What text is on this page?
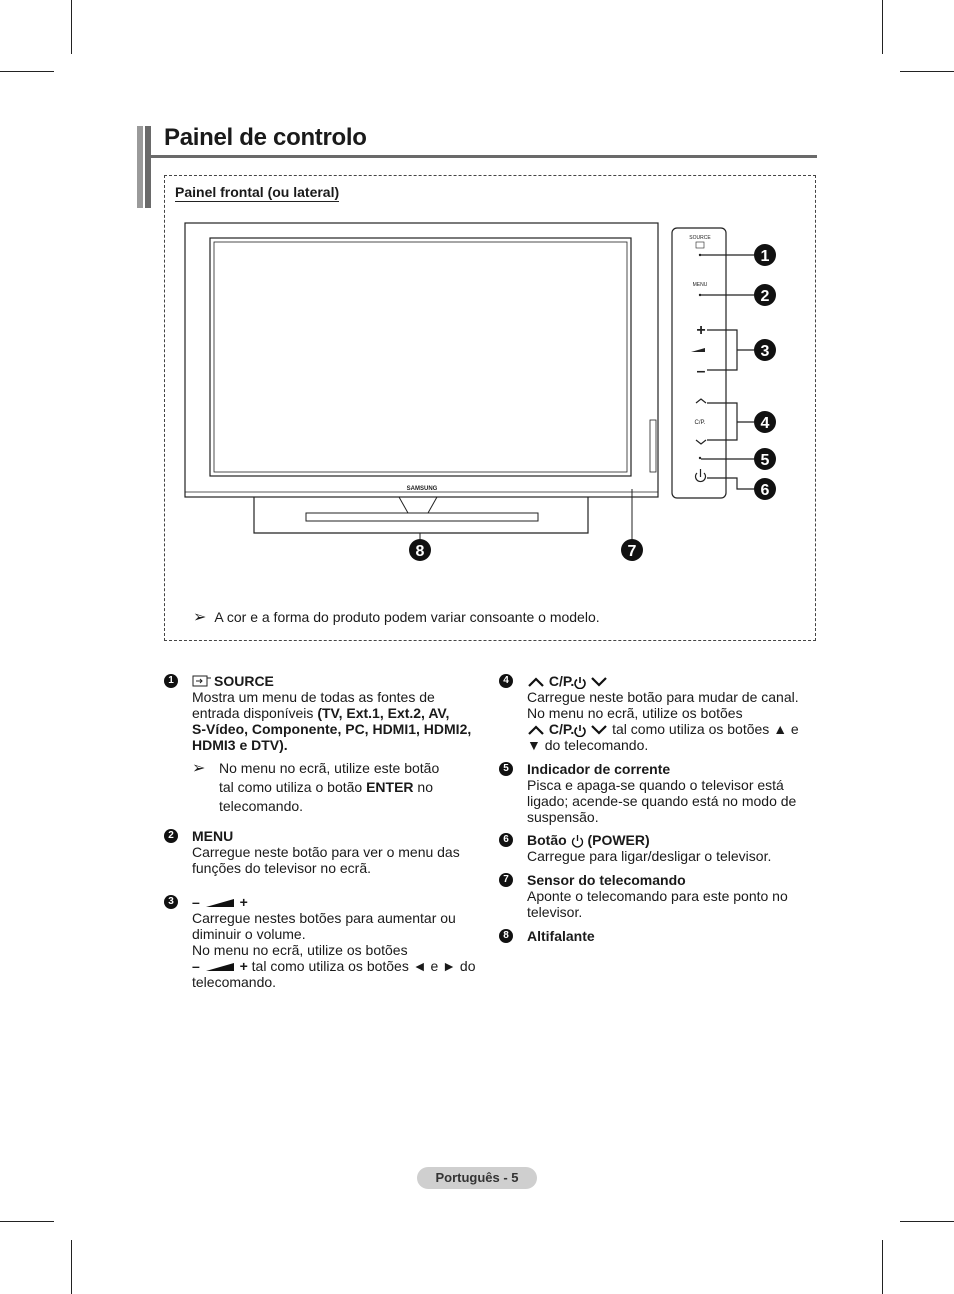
Painel de controlo
Painel frontal (ou lateral)
SAMSUNG
SOURCE
MENU
+
–
C/P.
1
2
3
4
5
6
7
8
➢ A cor e a forma do produto podem variar consoante o modelo.
1	SOURCE
Mostra um menu de todas as fontes de
entrada disponíveis (TV, Ext.1, Ext.2, AV,
S-Vídeo, Componente, PC, HDMI1, HDMI2,
HDMI3 e DTV).
➢ No menu no ecrã, utilize este botão
tal como utiliza o botão ENTER no
telecomando.
2	MENU
Carregue neste botão para ver o menu das
funções do televisor no ecrã.
3	–	+
Carregue nestes botões para aumentar ou
diminuir o volume.
No menu no ecrã, utilize os botões
–	+ tal como utiliza os botões ◄ e ► do
telecomando.
4	C/P.
Carregue neste botão para mudar de canal.
No menu no ecrã, utilize os botões
C/P.  tal como utiliza os botões ▲ e
▼ do telecomando.
5	Indicador de corrente
Pisca e apaga-se quando o televisor está
ligado; acende-se quando está no modo de
suspensão.
6	Botão  (POWER)
Carregue para ligar/desligar o televisor.
7	Sensor do telecomando
Aponte o telecomando para este ponto no
televisor.
8	Altifalante
Português - 5
